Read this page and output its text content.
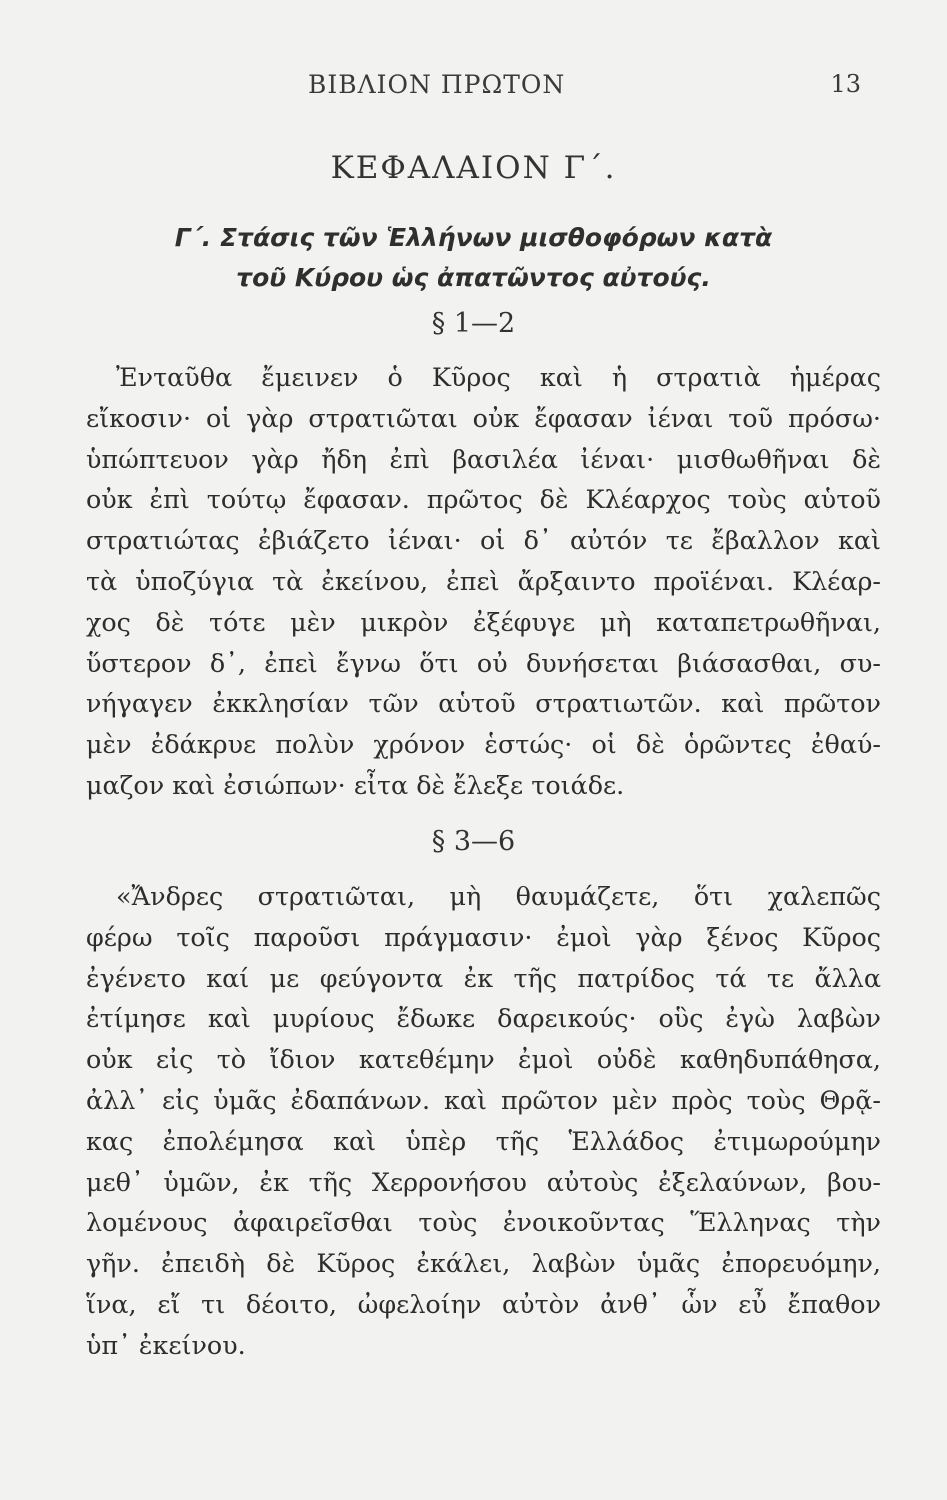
ΒΙΒΛΙΟΝ ΠΡΩΤΟΝ	13
ΚΕΦΑΛΑΙΟΝ Γ΄.
Γ΄. Στάσις τῶν Ἑλλήνων μισθοφόρων κατὰ
τοῦ Κύρου ὡς ἀπατῶντος αὐτούς.
§ 1—2

Ἐνταῦθα ἔμεινεν ὁ Κῦρος καὶ ἡ στρατιὰ ἡμέρας
εἴκοσιν· οἱ γὰρ στρατιῶται οὐκ ἔφασαν ἰέναι τοῦ πρόσω·
ὑπώπτευον γὰρ ἤδη ἐπὶ βασιλέα ἰέναι· μισθωθῆναι δὲ
οὐκ ἐπὶ τούτῳ ἔφασαν. πρῶτος δὲ Κλέαρχος τοὺς αὑτοῦ
στρατιώτας ἐβιάζετο ἰέναι· οἱ δ᾿ αὐτόν τε ἔβαλλον καὶ
τὰ ὑποζύγια τὰ ἐκείνου, ἐπεὶ ἄρξαιντο προϊέναι. Κλέαρ-
χος δὲ τότε μὲν μικρὸν ἐξέφυγε μὴ καταπετρωθῆναι,
ὕστερον δ᾿, ἐπεὶ ἔγνω ὅτι οὐ δυνήσεται βιάσασθαι, συ-
νήγαγεν ἐκκλησίαν τῶν αὑτοῦ στρατιωτῶν. καὶ πρῶτον
μὲν ἐδάκρυε πολὺν χρόνον ἑστώς· οἱ δὲ ὁρῶντες ἐθαύ-
μαζον καὶ ἐσιώπων· εἶτα δὲ ἔλεξε τοιάδε.

§ 3—6

«Ἄνδρες στρατιῶται, μὴ θαυμάζετε, ὅτι χαλεπῶς
φέρω τοῖς παροῦσι πράγμασιν· ἐμοὶ γὰρ ξένος Κῦρος
ἐγένετο καί με φεύγοντα ἐκ τῆς πατρίδος τά τε ἄλλα
ἐτίμησε καὶ μυρίους ἔδωκε δαρεικούς· οὓς ἐγὼ λαβὼν
οὐκ εἰς τὸ ἴδιον κατεθέμην ἐμοὶ οὐδὲ καθηδυπάθησα,
ἀλλ᾿ εἰς ὑμᾶς ἐδαπάνων. καὶ πρῶτον μὲν πρὸς τοὺς Θρᾷ-
κας ἐπολέμησα καὶ ὑπὲρ τῆς Ἑλλάδος ἐτιμωρούμην
μεθ᾿ ὑμῶν, ἐκ τῆς Χερρονήσου αὐτοὺς ἐξελαύνων, βου-
λομένους ἀφαιρεῖσθαι τοὺς ἐνοικοῦντας Ἕλληνας τὴν
γῆν. ἐπειδὴ δὲ Κῦρος ἐκάλει, λαβὼν ὑμᾶς ἐπορευόμην,
ἵνα, εἴ τι δέοιτο, ὠφελοίην αὐτὸν ἀνθ᾿ ὧν εὖ ἔπαθον
ὑπ᾿ ἐκείνου.
